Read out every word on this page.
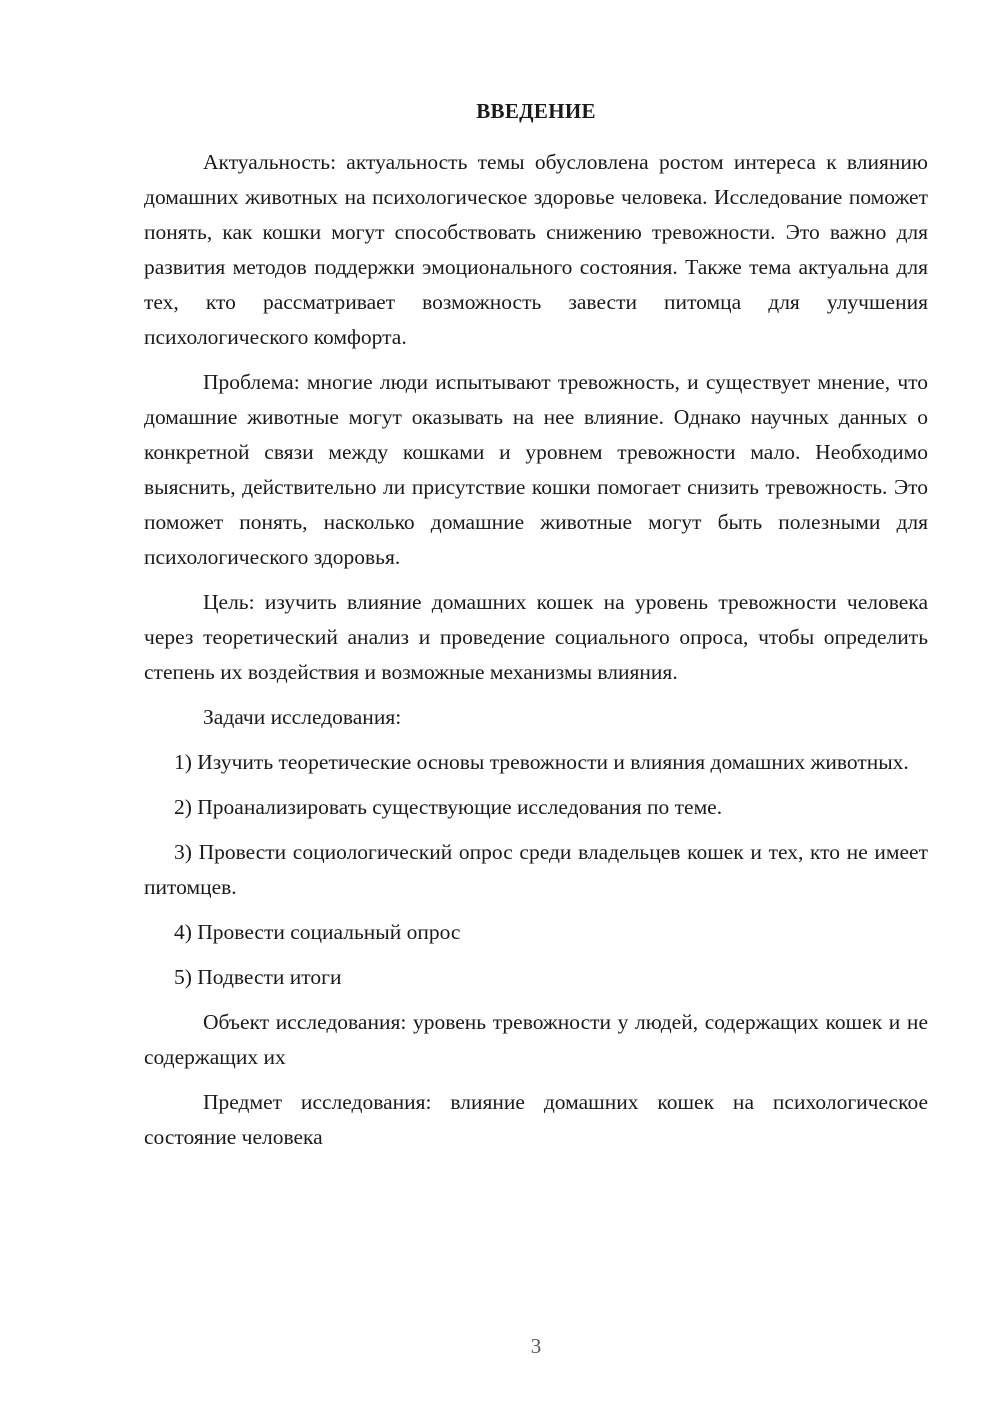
ВВЕДЕНИЕ

Актуальность: актуальность темы обусловлена ростом интереса к влиянию домашних животных на психологическое здоровье человека. Исследование поможет понять, как кошки могут способствовать снижению тревожности. Это важно для развития методов поддержки эмоционального состояния. Также тема актуальна для тех, кто рассматривает возможность завести питомца для улучшения психологического комфорта.

Проблема: многие люди испытывают тревожность, и существует мнение, что домашние животные могут оказывать на нее влияние. Однако научных данных о конкретной связи между кошками и уровнем тревожности мало. Необходимо выяснить, действительно ли присутствие кошки помогает снизить тревожность. Это поможет понять, насколько домашние животные могут быть полезными для психологического здоровья.

Цель: изучить влияние домашних кошек на уровень тревожности человека через теоретический анализ и проведение социального опроса, чтобы определить степень их воздействия и возможные механизмы влияния.

Задачи исследования:

1) Изучить теоретические основы тревожности и влияния домашних животных.

2) Проанализировать существующие исследования по теме.

3) Провести социологический опрос среди владельцев кошек и тех, кто не имеет питомцев.

4) Провести социальный опрос

5) Подвести итоги

Объект исследования: уровень тревожности у людей, содержащих кошек и не содержащих их

Предмет исследования: влияние домашних кошек на психологическое состояние человека

3
